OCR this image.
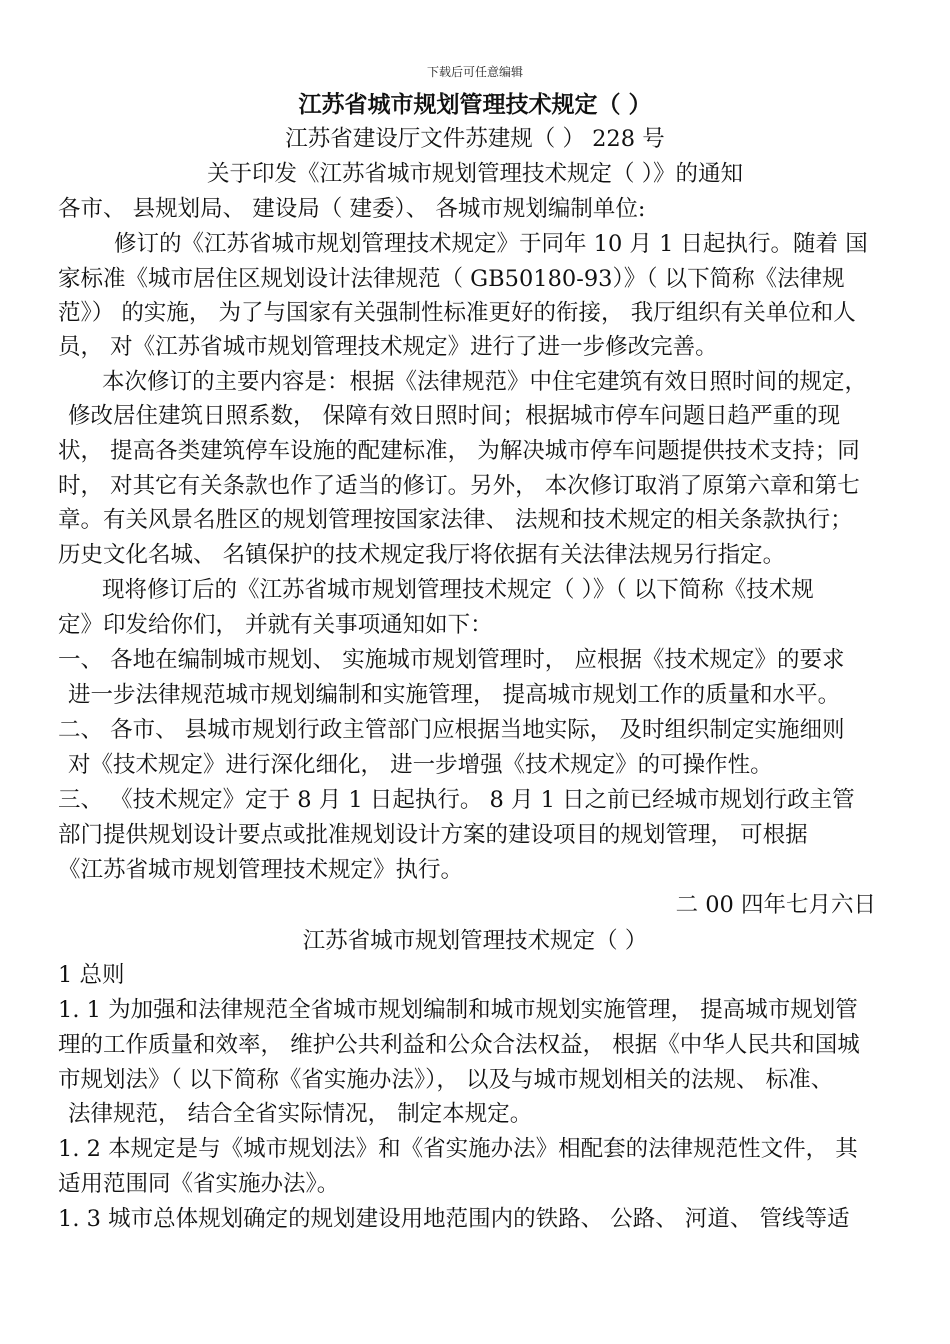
下载后可任意编辑
江苏省城市规划管理技术规定（ ）
江苏省建设厅文件苏建规（ ） 228 号
关于印发《江苏省城市规划管理技术规定（ ）》的通知
各市、 县规划局、 建设局（ 建委）、 各城市规划编制单位:
修订的《江苏省城市规划管理技术规定》于同年 10 月 1 日起执行。随着 国
家标准《城市居住区规划设计法律规范（ GB50180-93）》（ 以下简称《法律规
范》） 的实施， 为了与国家有关强制性标准更好的衔接， 我厅组织有关单位和人
员， 对《江苏省城市规划管理技术规定》进行了进一步修改完善。
本次修订的主要内容是：根据《法律规范》中住宅建筑有效日照时间的规定，
修改居住建筑日照系数， 保障有效日照时间；根据城市停车问题日趋严重的现
状， 提高各类建筑停车设施的配建标准， 为解决城市停车问题提供技术支持；同
时， 对其它有关条款也作了适当的修订。另外， 本次修订取消了原第六章和第七
章。有关风景名胜区的规划管理按国家法律、 法规和技术规定的相关条款执行；
历史文化名城、 名镇保护的技术规定我厅将依据有关法律法规另行指定。
现将修订后的《江苏省城市规划管理技术规定（ ）》（ 以下简称《技术规
定》印发给你们， 并就有关事项通知如下：
一、 各地在编制城市规划、 实施城市规划管理时， 应根据《技术规定》的要求
进一步法律规范城市规划编制和实施管理， 提高城市规划工作的质量和水平。
二、 各市、 县城市规划行政主管部门应根据当地实际， 及时组织制定实施细则
对《技术规定》进行深化细化， 进一步增强《技术规定》的可操作性。
三、 《技术规定》定于 8 月 1 日起执行。 8 月 1 日之前已经城市规划行政主管
部门提供规划设计要点或批准规划设计方案的建设项目的规划管理， 可根据
《江苏省城市规划管理技术规定》执行。
二 00 四年七月六日
江苏省城市规划管理技术规定（ ）
1 总则
1. 1 为加强和法律规范全省城市规划编制和城市规划实施管理， 提高城市规划管
理的工作质量和效率， 维护公共利益和公众合法权益， 根据《中华人民共和国城
市规划法》（ 以下简称《省实施办法》）， 以及与城市规划相关的法规、 标准、
法律规范， 结合全省实际情况， 制定本规定。
1. 2 本规定是与《城市规划法》和《省实施办法》相配套的法律规范性文件， 其
适用范围同《省实施办法》。
1. 3 城市总体规划确定的规划建设用地范围内的铁路、 公路、 河道、 管线等适
